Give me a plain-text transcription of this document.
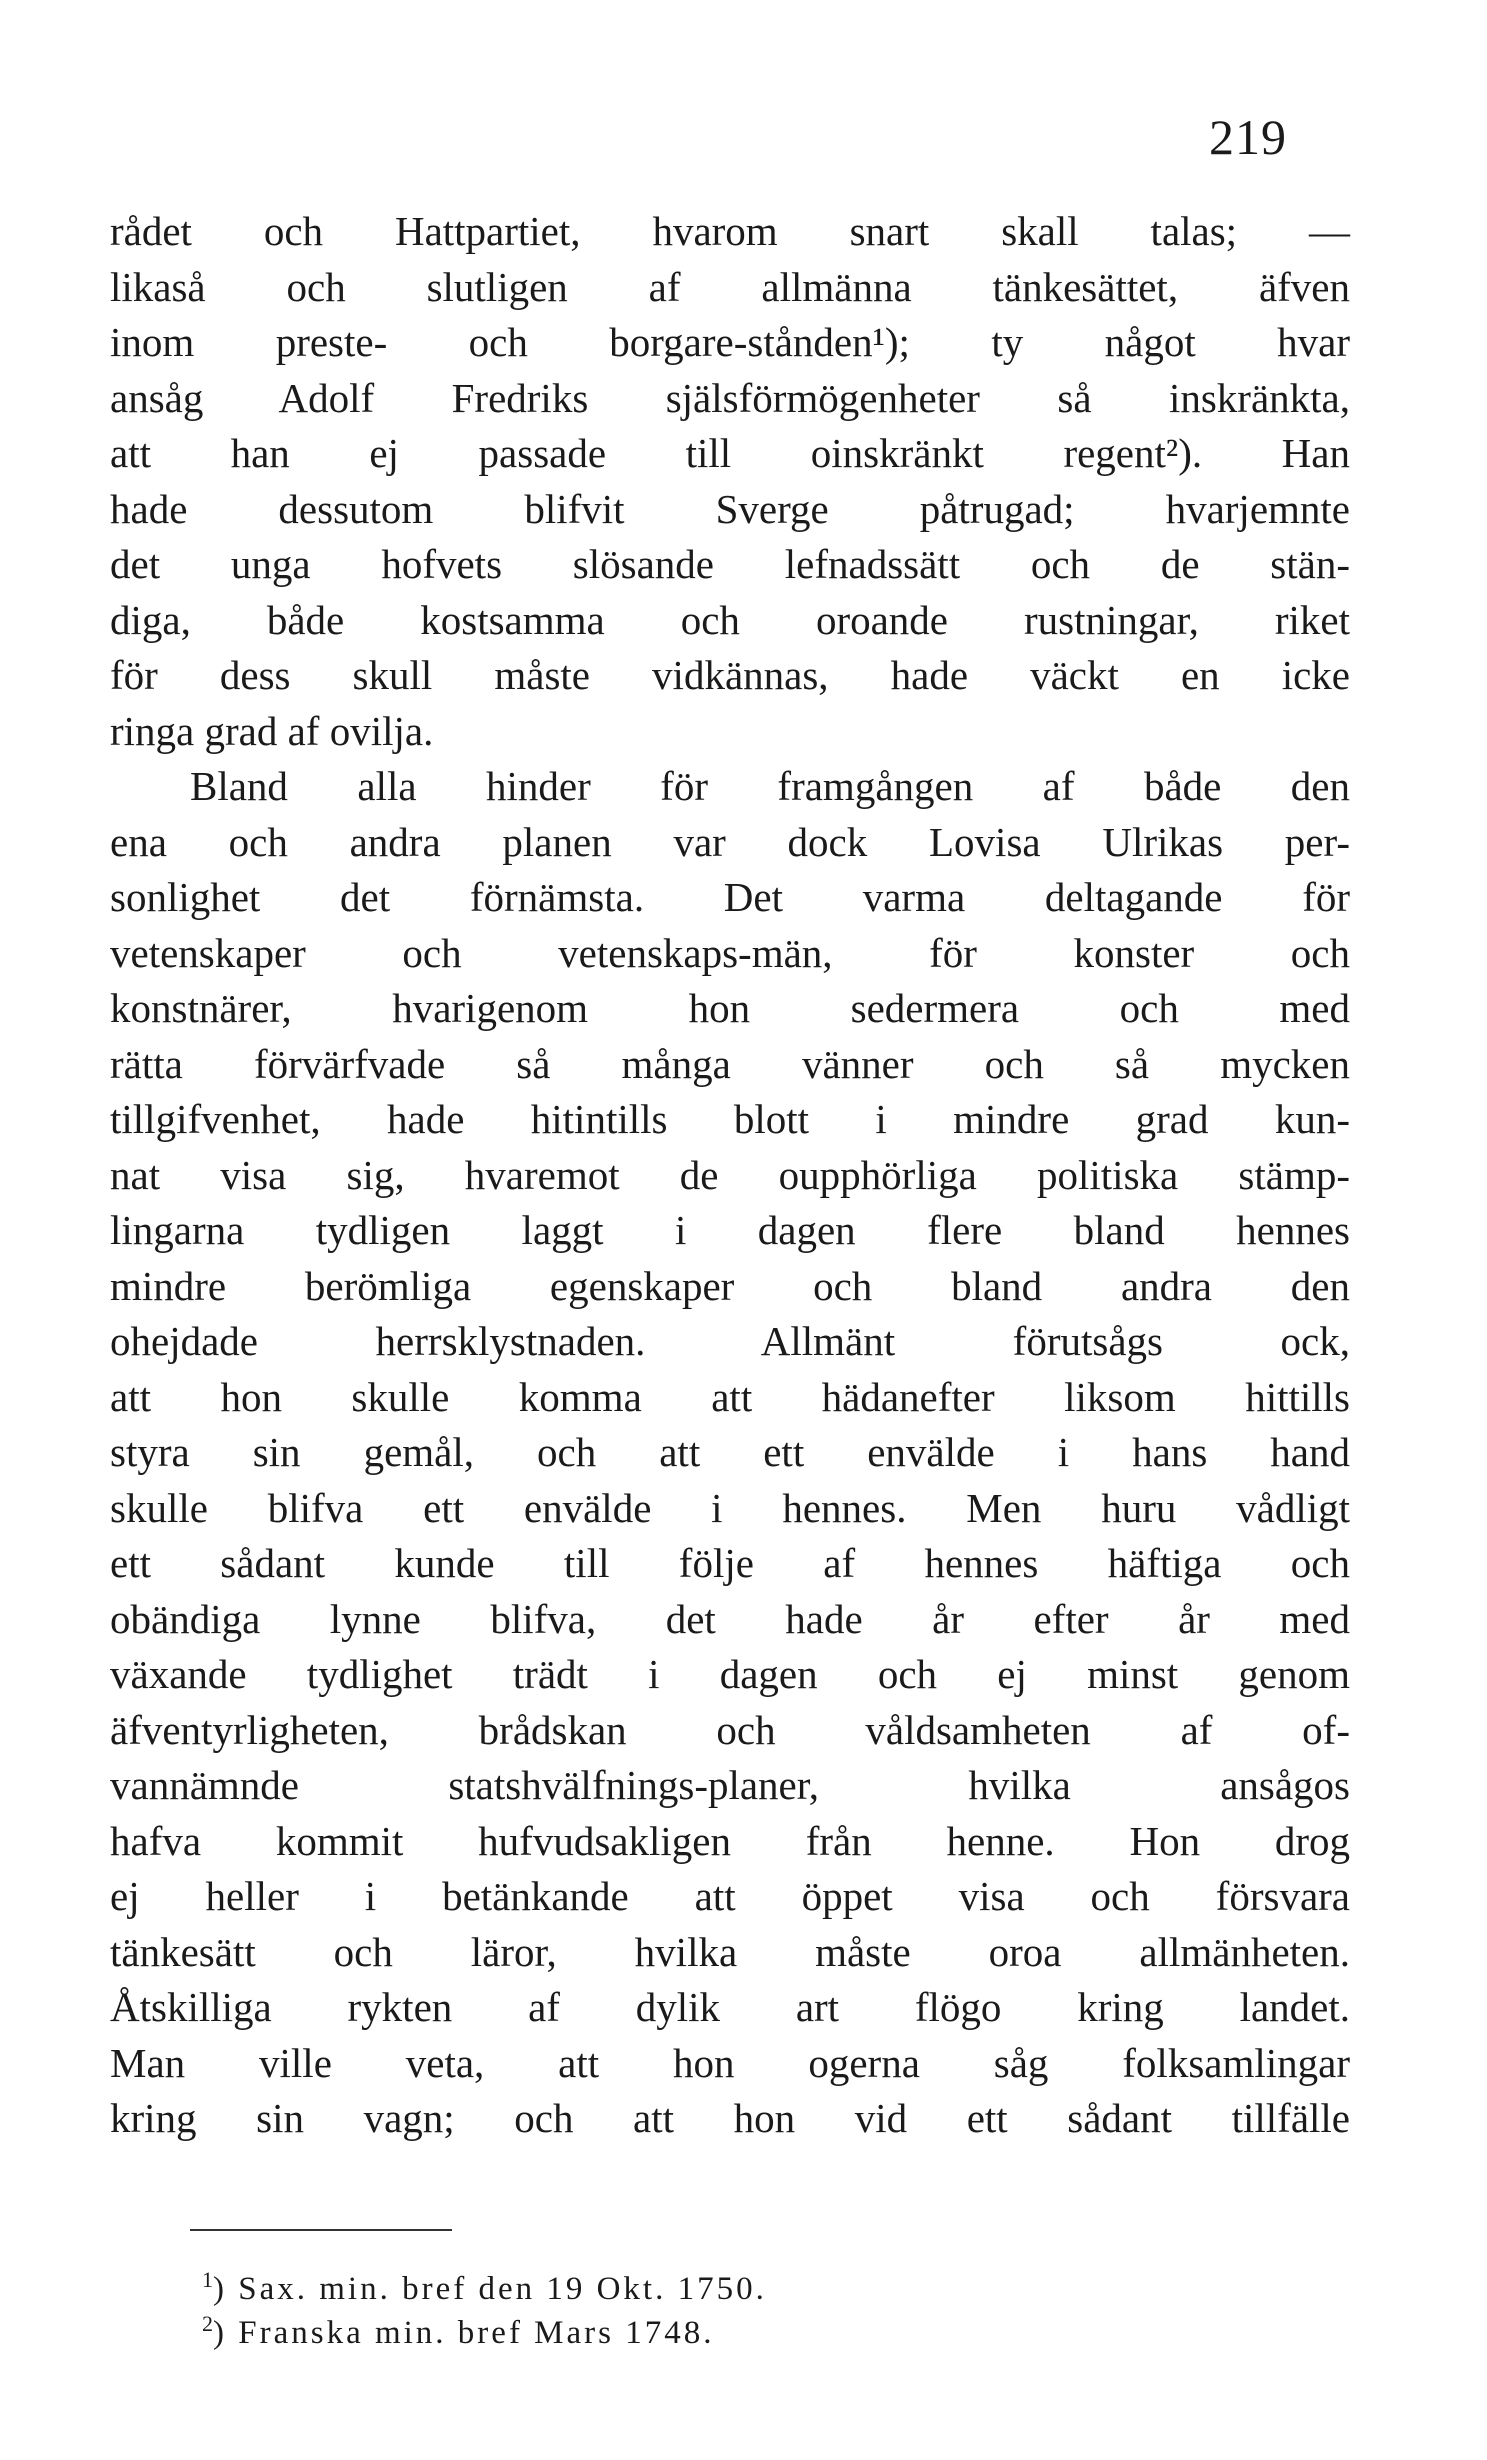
219
rådet och Hattpartiet, hvarom snart skall talas; —
likaså och slutligen af allmänna tänkesättet, äfven
inom preste- och borgare-stånden¹); ty något hvar
ansåg Adolf Fredriks själsförmögenheter så inskränkta,
att han ej passade till oinskränkt regent²). Han
hade dessutom blifvit Sverge påtrugad; hvarjemnte
det unga hofvets slösande lefnadssätt och de stän-
diga, både kostsamma och oroande rustningar, riket
för dess skull måste vidkännas, hade väckt en icke
ringa grad af ovilja.
Bland alla hinder för framgången af både den
ena och andra planen var dock Lovisa Ulrikas per-
sonlighet det förnämsta. Det varma deltagande för
vetenskaper och vetenskaps-män, för konster och
konstnärer, hvarigenom hon sedermera och med
rätta förvärfvade så många vänner och så mycken
tillgifvenhet, hade hitintills blott i mindre grad kun-
nat visa sig, hvaremot de oupphörliga politiska stämp-
lingarna tydligen laggt i dagen flere bland hennes
mindre berömliga egenskaper och bland andra den
ohejdade herrsklystnaden. Allmänt förutsågs ock,
att hon skulle komma att hädanefter liksom hittills
styra sin gemål, och att ett envälde i hans hand
skulle blifva ett envälde i hennes. Men huru vådligt
ett sådant kunde till följe af hennes häftiga och
obändiga lynne blifva, det hade år efter år med
växande tydlighet trädt i dagen och ej minst genom
äfventyrligheten, brådskan och våldsamheten af of-
vannämnde statshvälfnings-planer, hvilka ansågos
hafva kommit hufvudsakligen från henne. Hon drog
ej heller i betänkande att öppet visa och försvara
tänkesätt och läror, hvilka måste oroa allmänheten.
Åtskilliga rykten af dylik art flögo kring landet.
Man ville veta, att hon ogerna såg folksamlingar
kring sin vagn; och att hon vid ett sådant tillfälle
$^1$) Sax. min. bref den 19 Okt. 1750.
$^2$) Franska min. bref Mars 1748.
